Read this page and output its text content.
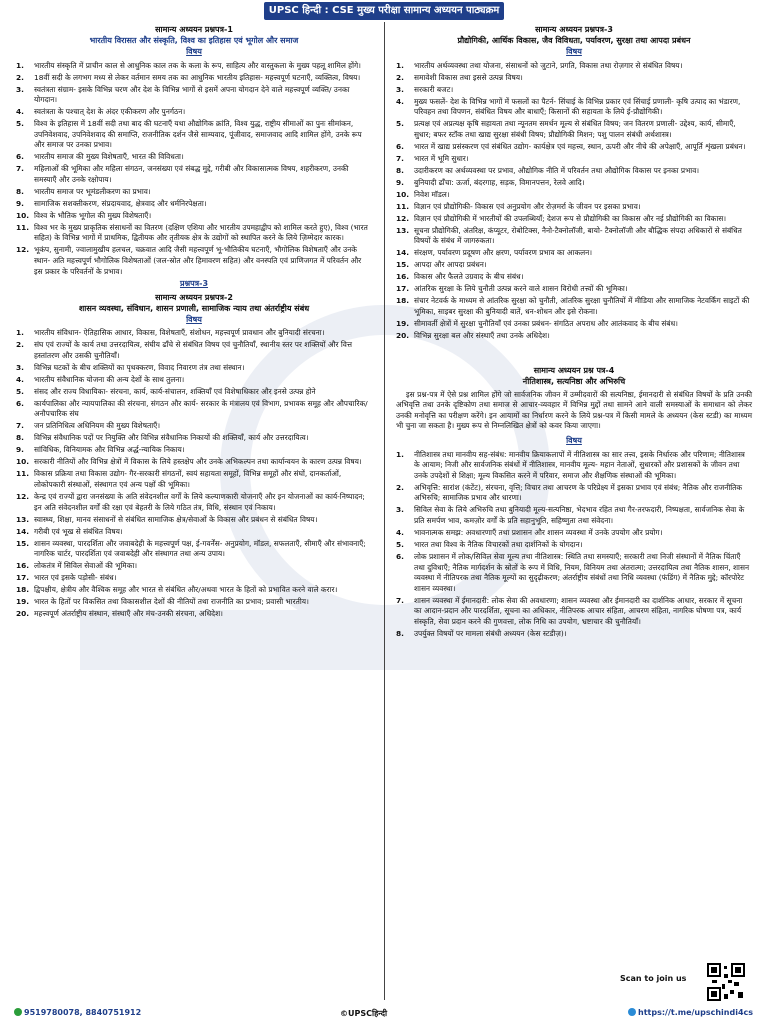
UPSC हिन्दी : CSE मुख्य परीक्षा सामान्य अध्ययन पाठ्यक्रम
सामान्य अध्ययन प्रश्नपत्र-1
भारतीय विरासत और संस्कृति, विश्व का इतिहास एवं भूगोल और समाज
विषय
1.	भारतीय संस्कृति में प्राचीन काल से आधुनिक काल तक के कला के रूप, साहित्य और वास्तुकला के मुख्य पहलू शामिल होंगे।
2.	18वीं सदी के लगभग मध्य से लेकर वर्तमान समय तक का आधुनिक भारतीय इतिहास- महत्त्वपूर्ण घटनाएँ, व्यक्तित्व, विषय।
3.	स्वतंत्रता संग्राम- इसके विभिन्न चरण और देश के विभिन्न भागों से इसमें अपना योगदान देने वाले महत्त्वपूर्ण व्यक्ति/ उनका योगदान।
4.	स्वतंत्रता के पश्चात् देश के अंदर एकीकरण और पुनर्गठन।
5.	विश्व के इतिहास में 18वीं सदी तथा बाद की घटनाएँ यथा औद्योगिक क्रांति, विश्व युद्ध, राष्ट्रीय सीमाओं का पुनः सीमांकन, उपनिवेशवाद, उपनिवेशवाद की समाप्ति, राजनीतिक दर्शन जैसे साम्यवाद, पूंजीवाद, समाजवाद आदि शामिल होंगे, उनके रूप और समाज पर उनका प्रभाव।
6.	भारतीय समाज की मुख्य विशेषताएँ, भारत की विविधता।
7.	महिलाओं की भूमिका और महिला संगठन, जनसंख्या एवं संबद्ध मुद्दे, गरीबी और विकासात्मक विषय, शहरीकरण, उनकी समस्याएँ और उनके रक्षोपाय।
8.	भारतीय समाज पर भूमंडलीकरण का प्रभाव।
9.	सामाजिक सशक्तीकरण, संप्रदायवाद, क्षेत्रवाद और धर्मनिरपेक्षता।
10. विश्व के भौतिक भूगोल की मुख्य विशेषताएँ।
11. विश्व भर के मुख्य प्राकृतिक संसाधनों का वितरण (दक्षिण एशिया और भारतीय उपमहाद्वीप को शामिल करते हुए), विश्व (भारत सहित) के विभिन्न भागों में प्राथमिक, द्वितीयक और तृतीयक क्षेत्र के उद्योगों को स्थापित करने के लिये ज़िम्मेदार कारक।
12. भूकंप, सुनामी, ज्वालामुखीय हलचल, चक्रवात आदि जैसी महत्त्वपूर्ण भू-भौतिकीय घटनाएँ, भौगोलिक विशेषताएँ और उनके स्थान- अति महत्त्वपूर्ण भौगोलिक विशेषताओं (जल-स्रोत और हिमावरण सहित) और वनस्पति एवं प्राणिजगत में परिवर्तन और इस प्रकार के परिवर्तनों के प्रभाव।
प्रश्नपत्र-3
सामान्य अध्ययन प्रश्नपत्र-2
शासन व्यवस्था, संविधान, शासन प्रणाली, सामाजिक न्याय तथा अंतर्राष्ट्रीय संबंध
विषय
1.	भारतीय संविधान- ऐतिहासिक आधार, विकास, विशेषताएँ, संशोधन, महत्त्वपूर्ण प्रावधान और बुनियादी संरचना।
2.	संघ एवं राज्यों के कार्य तथा उत्तरदायित्व, संघीय ढाँचे से संबंधित विषय एवं चुनौतियाँ, स्थानीय स्तर पर शक्तियों और वित्त हस्तांतरण और उसकी चुनौतियाँ।
3.	विभिन्न घटकों के बीच शक्तियों का पृथक्करण, विवाद निवारण तंत्र तथा संस्थान।
4.	भारतीय संवैधानिक योजना की अन्य देशों के साथ तुलना।
5.	संसद और राज्य विधायिका- संरचना, कार्य, कार्य-संचालन, शक्तियाँ एवं विशेषाधिकार और इनसे उत्पन्न होने
6.	कार्यपालिका और न्यायपालिका की संरचना, संगठन और कार्य- सरकार के मंत्रालय एवं विभाग, प्रभावक समूह और औपचारिक/अनौपचारिक संघ
7.	जन प्रतिनिधित्व अधिनियम की मुख्य विशेषताएँ।
8.	विभिन्न संवैधानिक पदों पर नियुक्ति और विभिन्न संवैधानिक निकायों की शक्तियाँ, कार्य और उत्तरदायित्व।
9.	सांविधिक, विनियामक और विभिन्न अर्द्ध-न्यायिक निकाय।
10. सरकारी नीतियों और विभिन्न क्षेत्रों में विकास के लिये हस्तक्षेप और उनके अभिकल्पन तथा कार्यान्वयन के कारण उत्पन्न विषय।
11. विकास प्रक्रिया तथा विकास उद्योग- गैर-सरकारी संगठनों, स्वयं सहायता समूहों, विभिन्न समूहों और संघों, दानकर्ताओं, लोकोपकारी संस्थाओं, संस्थागत एवं अन्य पक्षों की भूमिका।
12. केन्द्र एवं राज्यों द्वारा जनसंख्या के अति संवेदनशील वर्गों के लिये कल्याणकारी योजनाएँ और इन योजनाओं का कार्य-निष्पादन; इन अति संवेदनशील वर्गों की रक्षा एवं बेहतरी के लिये गठित तंत्र, विधि, संस्थान एवं निकाय।
13. स्वास्थ्य, शिक्षा, मानव संसाधनों से संबंधित सामाजिक क्षेत्र/सेवाओं के विकास और प्रबंधन से संबंधित विषय।
14. गरीबी एवं भूख से संबंधित विषय।
15. शासन व्यवस्था, पारदर्शिता और जवाबदेही के महत्त्वपूर्ण पक्ष, ई-गवर्नेंस- अनुप्रयोग, मॉडल, सफलताएँ, सीमाएँ और संभावनाएँ; नागरिक चार्टर, पारदर्शिता एवं जवाबदेही और संस्थागत तथा अन्य उपाय।
16. लोकतंत्र में सिविल सेवाओं की भूमिका।
17. भारत एवं इसके पड़ोसी- संबंध।
18. द्विपक्षीय, क्षेत्रीय और वैश्विक समूह और भारत से संबंधित और/अथवा भारत के हितों को प्रभावित करने वाले करार।
19. भारत के हितों पर विकसित तथा विकासशील देशों की नीतियों तथा राजनीति का प्रभाव; प्रवासी भारतीय।
20. महत्त्वपूर्ण अंतर्राष्ट्रीय संस्थान, संस्थाएँ और मंच-उनकी संरचना, अधिदेश।
सामान्य अध्ययन प्रश्नपत्र-3
प्रौद्योगिकी, आर्थिक विकास, जैव विविधता, पर्यावरण, सुरक्षा तथा आपदा प्रबंधन
विषय
1.	भारतीय अर्थव्यवस्था तथा योजना, संसाधनों को जुटाने, प्रगति, विकास तथा रोज़गार से संबंधित विषय।
2.	समावेशी विकास तथा इससे उत्पन्न विषय।
3.	सरकारी बजट।
4.	मुख्य फसलें- देश के विभिन्न भागों में फसलों का पैटर्न- सिंचाई के विभिन्न प्रकार एवं सिंचाई प्रणाली- कृषि उत्पाद का भंडारण, परिवहन तथा विपणन, संबंधित विषय और बाधाएँ; किसानों की सहायता के लिये ई-प्रौद्योगिकी।
5.	प्रत्यक्ष एवं अप्रत्यक्ष कृषि सहायता तथा न्यूनतम समर्थन मूल्य से संबंधित विषय; जन वितरण प्रणाली- उद्देश्य, कार्य, सीमाएँ, सुधार; बफर स्टॉक तथा खाद्य सुरक्षा संबंधी विषय; प्रौद्योगिकी मिशन; पशु पालन संबंधी अर्थशास्त्र।
6.	भारत में खाद्य प्रसंस्करण एवं संबंधित उद्योग- कार्यक्षेत्र एवं महत्त्व, स्थान, ऊपरी और नीचे की अपेक्षाएँ, आपूर्ति शृंखला प्रबंधन।
7.	भारत में भूमि सुधार।
8.	उदारीकरण का अर्थव्यवस्था पर प्रभाव, औद्योगिक नीति में परिवर्तन तथा औद्योगिक विकास पर इनका प्रभाव।
9.	बुनियादी ढाँचा: ऊर्जा, बंदरगाह, सड़क, विमानपत्तन, रेलवे आदि।
10. निवेश मॉडल।
11. विज्ञान एवं प्रौद्योगिकी- विकास एवं अनुप्रयोग और रोज़मर्रा के जीवन पर इसका प्रभाव।
12. विज्ञान एवं प्रौद्योगिकी में भारतीयों की उपलब्धियाँ; देशज रूप से प्रौद्योगिकी का विकास और नई प्रौद्योगिकी का विकास।
13. सूचना प्रौद्योगिकी, अंतरिक्ष, कंप्यूटर, रोबोटिक्स, नैनो-टैक्नोलॉजी, बायो- टैक्नोलॉजी और बौद्धिक संपदा अधिकारों से संबंधित विषयों के संबंध में जागरुकता।
14. संरक्षण, पर्यावरण प्रदूषण और क्षरण, पर्यावरण प्रभाव का आकलन।
15. आपदा और आपदा प्रबंधन।
16. विकास और फैलते उग्रवाद के बीच संबंध।
17. आंतरिक सुरक्षा के लिये चुनौती उत्पन्न करने वाले शासन विरोधी तत्त्वों की भूमिका।
18. संचार नेटवर्क के माध्यम से आंतरिक सुरक्षा को चुनौती, आंतरिक सुरक्षा चुनौतियों में मीडिया और सामाजिक नेटवर्किंग साइटों की भूमिका, साइबर सुरक्षा की बुनियादी बातें, धन-शोधन और इसे रोकना।
19. सीमावर्ती क्षेत्रों में सुरक्षा चुनौतियाँ एवं उनका प्रबंधन- संगठित अपराध और आतंकवाद के बीच संबंध।
20. विभिन्न सुरक्षा बल और संस्थाएँ तथा उनके अधिदेश।
सामान्य अध्ययन प्रश्न पत्र-4
नीतिशास्त्र, सत्यनिष्ठा और अभिरुचि

इस प्रश्न-पत्र में ऐसे प्रश्न शामिल होंगे जो सार्वजनिक जीवन में उम्मीदवारों की सत्यनिष्ठा, ईमानदारी से संबंधित विषयों के प्रति उनकी अभिवृत्ति तथा उनके दृष्टिकोण तथा समाज से आचार-व्यवहार में विभिन्न मुद्दों तथा सामने आने वाली समस्याओं के समाधान को लेकर उनकी मनोवृत्ति का परीक्षण करेंगे। इन आयामों का निर्धारण करने के लिये प्रश्न-पत्र में किसी मामले के अध्ययन (केस स्टडी) का माध्यम भी चुना जा सकता है। मुख्य रूप से निम्नलिखित क्षेत्रों को कवर किया जाएगा।

विषय
1.	नीतिशास्त्र तथा मानवीय सह-संबंध: मानवीय क्रियाकलापों में नीतिशास्त्र का सार तत्त्व, इसके निर्धारक और परिणाम; नीतिशास्त्र के आयाम; निजी और सार्वजनिक संबंधों में नीतिशास्त्र, मानवीय मूल्य- महान नेताओं, सुधारकों और प्रशासकों के जीवन तथा उनके उपदेशों से शिक्षा; मूल्य विकसित करने में परिवार, समाज और शैक्षणिक संस्थाओं की भूमिका।
2.	अभिवृत्ति: सारांश (कंटेंट), संरचना, वृत्ति; विचार तथा आचरण के परिप्रेक्ष्य में इसका प्रभाव एवं संबंध; नैतिक और राजनीतिक अभिरुचि; सामाजिक प्रभाव और धारणा।
3.	सिविल सेवा के लिये अभिरुचि तथा बुनियादी मूल्य-सत्यनिष्ठा, भेदभाव रहित तथा गैर-तरफदारी, निष्पक्षता, सार्वजनिक सेवा के प्रति समर्पण भाव, कमज़ोर वर्गों के प्रति सहानुभूति, सहिष्णुता तथा संवेदना।
4.	भावनात्मक समझ: अवधारणाएँ तथा प्रशासन और शासन व्यवस्था में उनके उपयोग और प्रयोग।
5.	भारत तथा विश्व के नैतिक विचारकों तथा दार्शनिकों के योगदान।
6.	लोक प्रशासन में लोक/सिविल सेवा मूल्य तथा नीतिशास्त्र: स्थिति तथा समस्याएँ; सरकारी तथा निजी संस्थानों में नैतिक चिंताएँ तथा दुविधाएँ; नैतिक मार्गदर्शन के स्रोतों के रूप में विधि, नियम, विनियम तथा अंतरात्मा; उत्तरदायित्व तथा नैतिक शासन, शासन व्यवस्था में नीतिपरक तथा नैतिक मूल्यों का सुदृढ़ीकरण; अंतर्राष्ट्रीय संबंधों तथा निधि व्यवस्था (फंडिंग) में नैतिक मुद्दे; कॉरपोरेट शासन व्यवस्था।
7.	शासन व्यवस्था में ईमानदारी: लोक सेवा की अवधारणा; शासन व्यवस्था और ईमानदारी का दार्शनिक आधार, सरकार में सूचना का आदान-प्रदान और पारदर्शिता, सूचना का अधिकार, नीतिपरक आचार संहिता, आचरण संहिता, नागरिक घोषणा पत्र, कार्य संस्कृति, सेवा प्रदान करने की गुणवत्ता, लोक निधि का उपयोग, भ्रष्टाचार की चुनौतियाँ।
8.	उपर्युक्त विषयों पर मामला संबंधी अध्ययन (केस स्टडीज़)।
Scan to join us
9519780078, 8840751912	©UPSCहिन्दी	https://t.me/upschindi4cs
